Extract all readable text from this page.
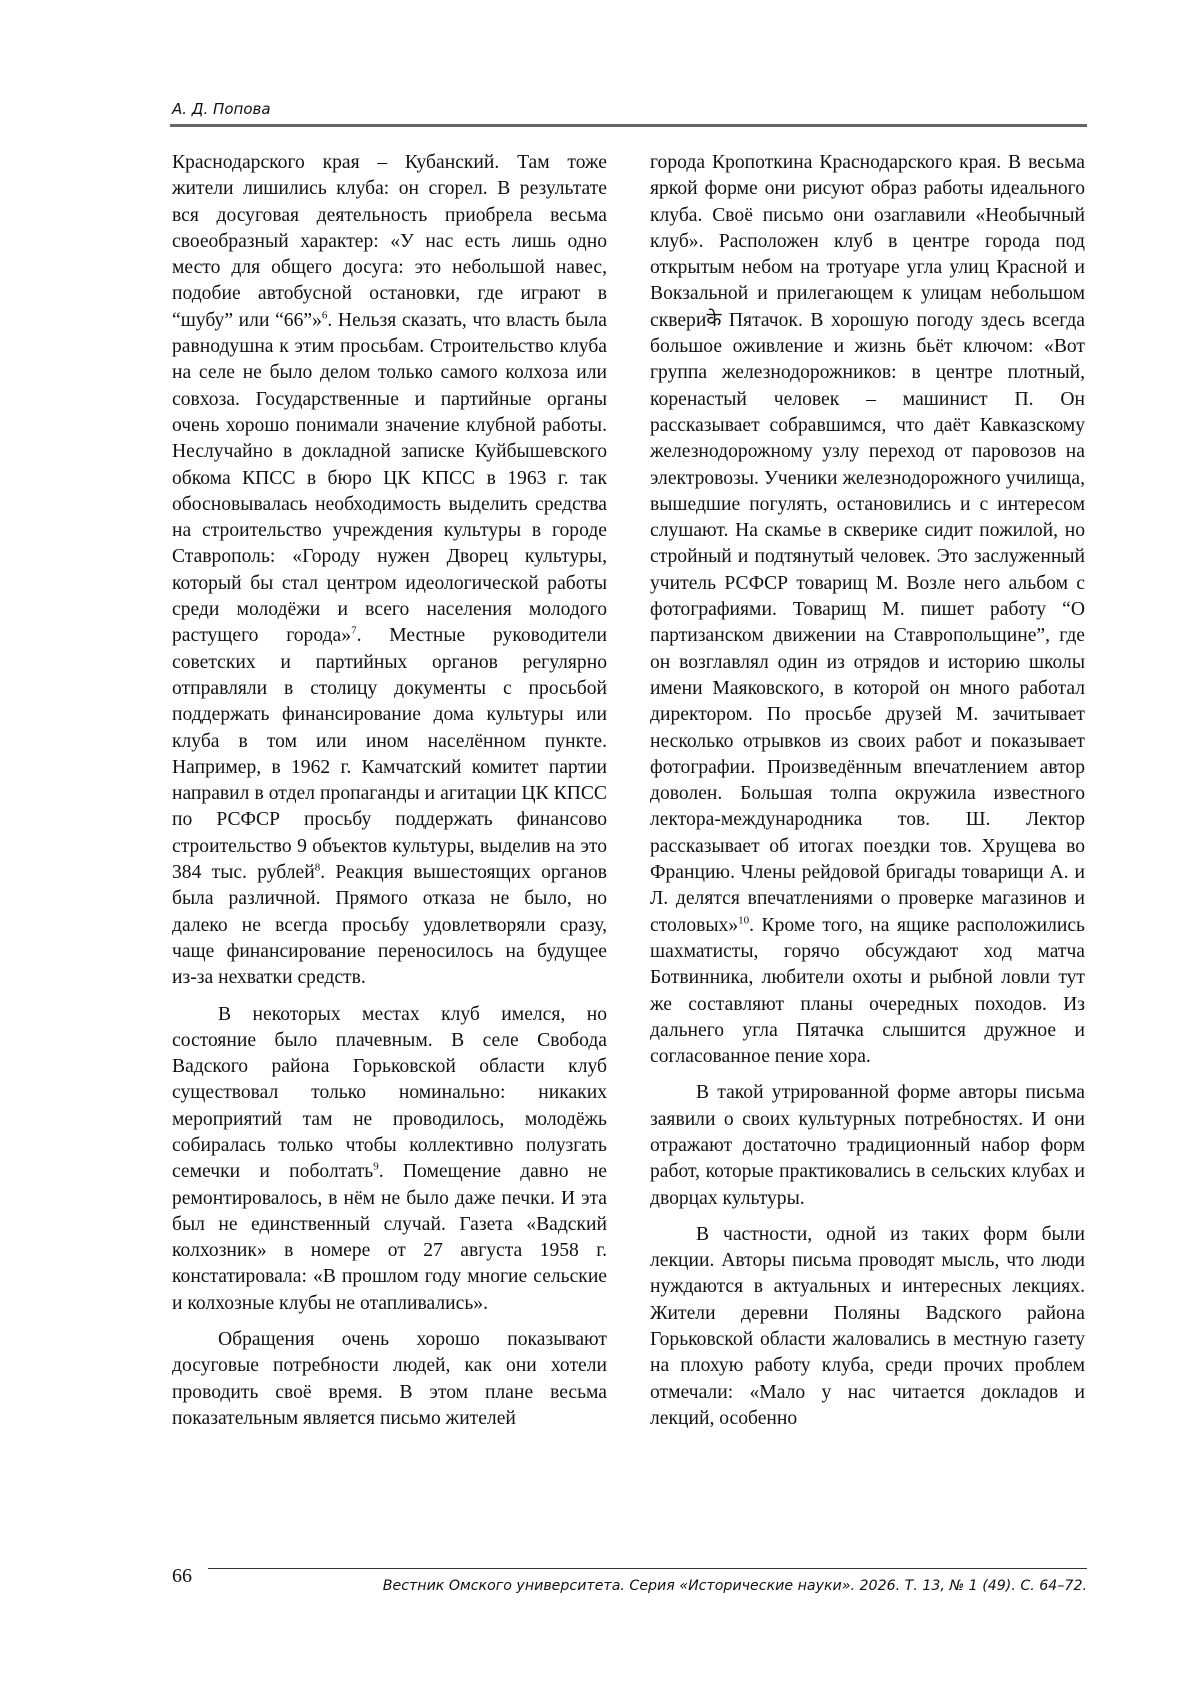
А. Д. Попова

Краснодарского края – Кубанский. Там тоже жители лишились клуба: он сгорел. В результате вся досуговая деятельность приобрела весьма своеобразный характер: «У нас есть лишь одно место для общего досуга: это небольшой навес, подобие автобусной остановки, где играют в “шубу” или “66”»$^6$. Нельзя сказать, что власть была равнодушна к этим просьбам. Строительство клуба на селе не было делом только самого колхоза или совхоза. Государственные и партийные органы очень хорошо понимали значение клубной работы. Неслучайно в докладной записке Куйбышевского обкома КПСС в бюро ЦК КПСС в 1963 г. так обосновывалась необходимость выделить средства на строительство учреждения культуры в городе Ставрополь: «Городу нужен Дворец культуры, который бы стал центром идеологической работы среди молодёжи и всего населения молодого растущего города»$^7$. Местные руководители советских и партийных органов регулярно отправляли в столицу документы с просьбой поддержать финансирование дома культуры или клуба в том или ином населённом пункте. Например, в 1962 г. Камчатский комитет партии направил в отдел пропаганды и агитации ЦК КПСС по РСФСР просьбу поддержать финансово строительство 9 объектов культуры, выделив на это 384 тыс. рублей$^8$. Реакция вышестоящих органов была различной. Прямого отказа не было, но далеко не всегда просьбу удовлетворяли сразу, чаще финансирование переносилось на будущее из-за нехватки средств.

В некоторых местах клуб имелся, но состояние было плачевным. В селе Свобода Вадского района Горьковской области клуб существовал только номинально: никаких мероприятий там не проводилось, молодёжь собиралась только чтобы коллективно полузгать семечки и поболтать$^9$. Помещение давно не ремонтировалось, в нём не было даже печки. И эта был не единственный случай. Газета «Вадский колхозник» в номере от 27 августа 1958 г. констатировала: «В прошлом году многие сельские и колхозные клубы не отапливались».

Обращения очень хорошо показывают досуговые потребности людей, как они хотели проводить своё время. В этом плане весьма показательным является письмо жителей

города Кропоткина Краснодарского края. В весьма яркой форме они рисуют образ работы идеального клуба. Своё письмо они озаглавили «Необычный клуб». Расположен клуб в центре города под открытым небом на тротуаре угла улиц Красной и Вокзальной и прилегающем к улицам небольшом сквериके Пятачок. В хорошую погоду здесь всегда большое оживление и жизнь бьёт ключом: «Вот группа железнодорожников: в центре плотный, коренастый человек – машинист П. Он рассказывает собравшимся, что даёт Кавказскому железнодорожному узлу переход от паровозов на электровозы. Ученики железнодорожного училища, вышедшие погулять, остановились и с интересом слушают. На скамье в скверике сидит пожилой, но стройный и подтянутый человек. Это заслуженный учитель РСФСР товарищ М. Возле него альбом с фотографиями. Товарищ М. пишет работу “О партизанском движении на Ставропольщине”, где он возглавлял один из отрядов и историю школы имени Маяковского, в которой он много работал директором. По просьбе друзей М. зачитывает несколько отрывков из своих работ и показывает фотографии. Произведённым впечатлением автор доволен. Большая толпа окружила известного лектора-международника тов. Ш. Лектор рассказывает об итогах поездки тов. Хрущева во Францию. Члены рейдовой бригады товарищи А. и Л. делятся впечатлениями о проверке магазинов и столовых»$^{10}$. Кроме того, на ящике расположились шахматисты, горячо обсуждают ход матча Ботвинника, любители охоты и рыбной ловли тут же составляют планы очередных походов. Из дальнего угла Пятачка слышится дружное и согласованное пение хора.

В такой утрированной форме авторы письма заявили о своих культурных потребностях. И они отражают достаточно традиционный набор форм работ, которые практиковались в сельских клубах и дворцах культуры.

В частности, одной из таких форм были лекции. Авторы письма проводят мысль, что люди нуждаются в актуальных и интересных лекциях. Жители деревни Поляны Вадского района Горьковской области жаловались в местную газету на плохую работу клуба, среди прочих проблем отмечали: «Мало у нас читается докладов и лекций, особенно

66	Вестник Омского университета. Серия «Исторические науки». 2026. Т. 13, № 1 (49). С. 64–72.
